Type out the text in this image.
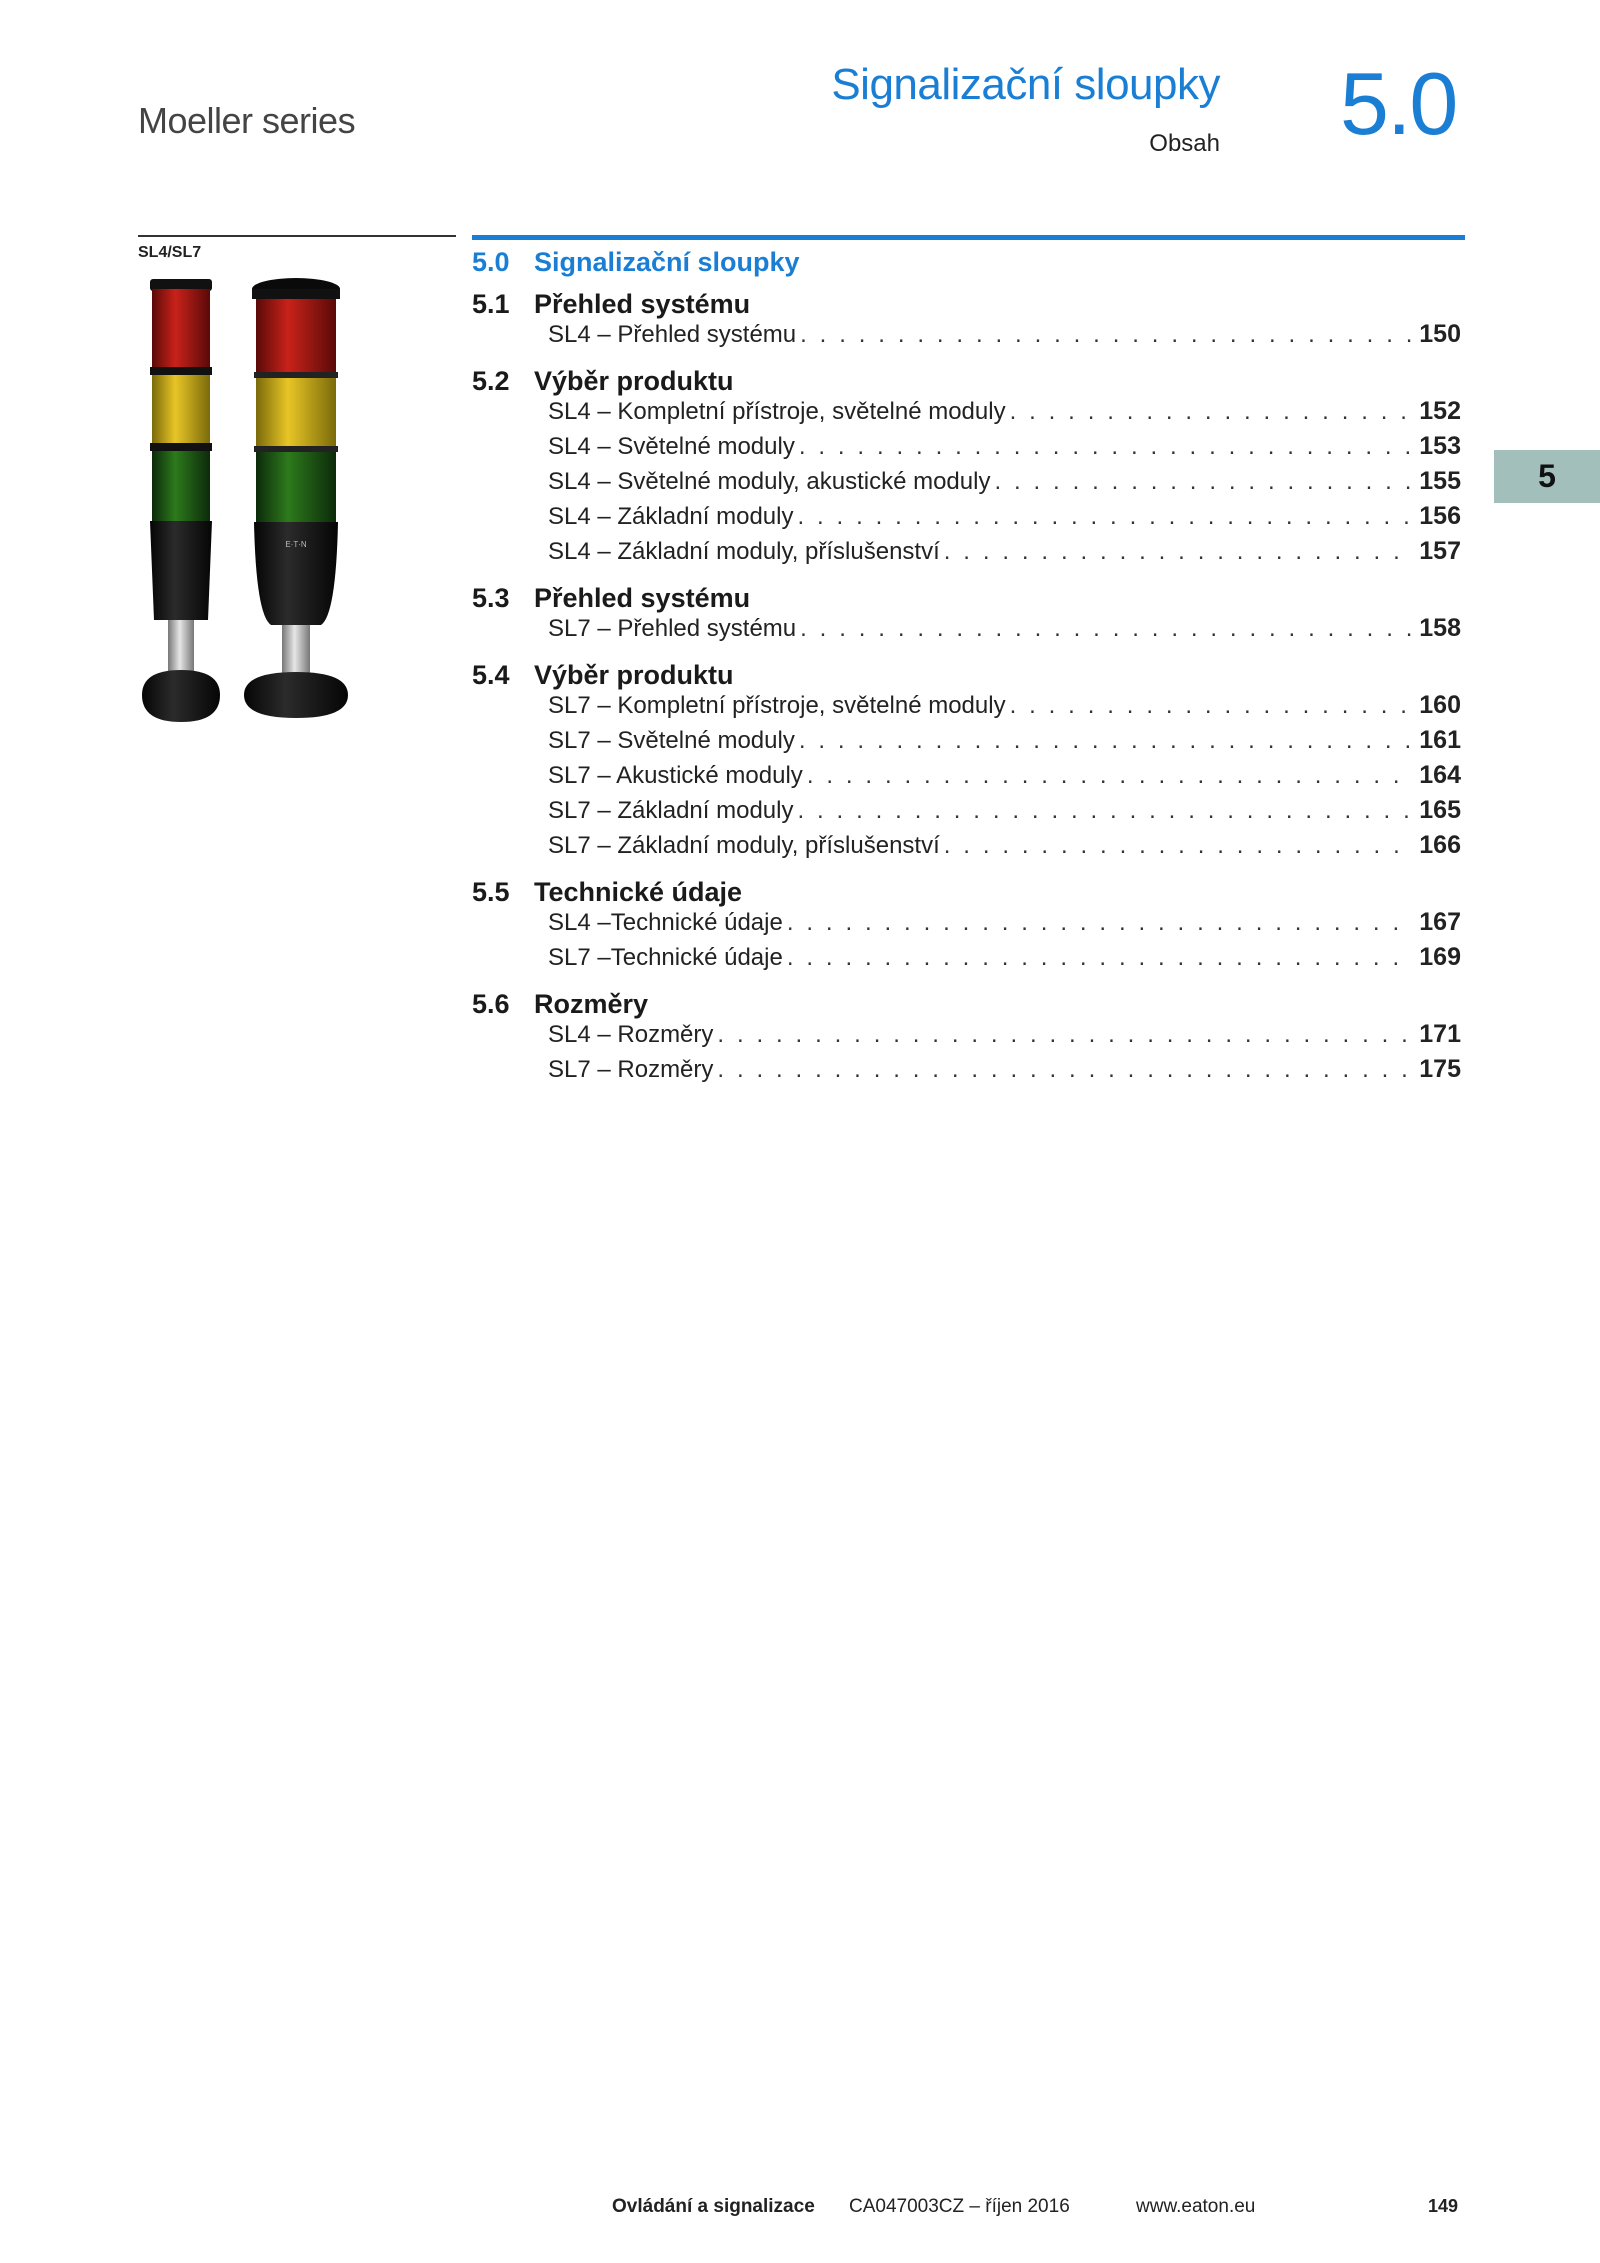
Moeller series
Signalizační sloupky
Obsah 5.0
SL4/SL7
E·T·N
5.0 Signalizační sloupky
5.1 Přehled systému
SL4 – Přehled systému . . .	150
5.2 Výběr produktu
SL4 – Kompletní přístroje, světelné moduly . . .	152
SL4 – Světelné moduly . . .	153
SL4 – Světelné moduly, akustické moduly . . .	155
SL4 – Základní moduly . . .	156
SL4 – Základní moduly, příslušenství . . .	157
5.3 Přehled systému
SL7 – Přehled systému . . .	158
5.4 Výběr produktu
SL7 – Kompletní přístroje, světelné moduly . . .	160
SL7 – Světelné moduly . . .	161
SL7 – Akustické moduly . . .	164
SL7 – Základní moduly . . .	165
SL7 – Základní moduly, příslušenství . . .	166
5.5 Technické údaje
SL4 –Technické údaje . . .	167
SL7 –Technické údaje . . .	169
5.6 Rozměry
SL4 – Rozměry . . .	171
SL7 – Rozměry . . .	175
5
Ovládání a signalizace CA047003CZ – říjen 2016	www.eaton.eu	149
